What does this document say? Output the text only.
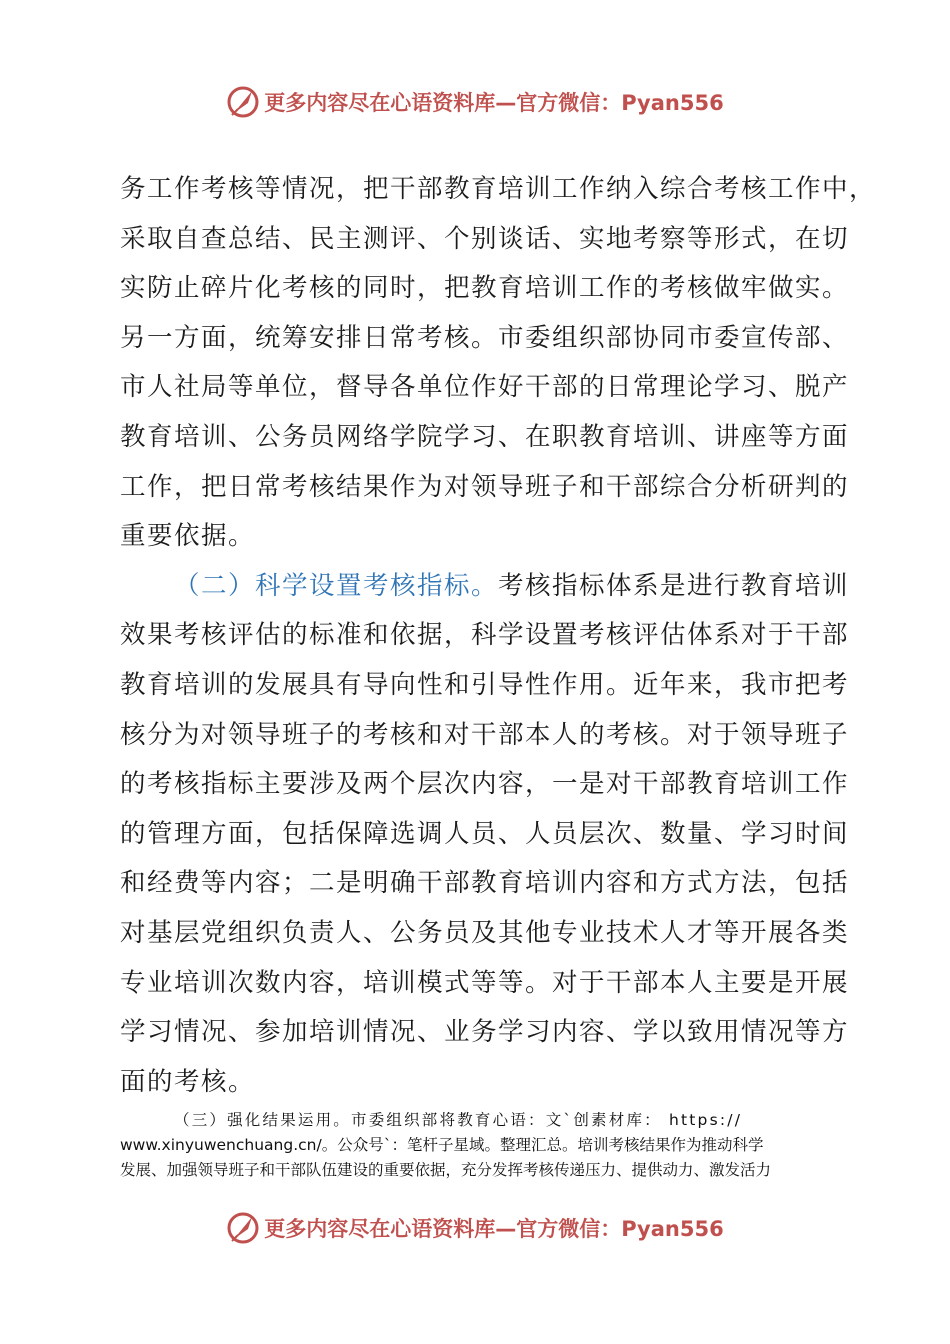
更多内容尽在心语资料库—官方微信：Pyan556
务工作考核等情况，把干部教育培训工作纳入综合考核工作中，
采取自查总结、民主测评、个别谈话、实地考察等形式，在切
实防止碎片化考核的同时，把教育培训工作的考核做牢做实。
另一方面，统筹安排日常考核。市委组织部协同市委宣传部、
市人社局等单位，督导各单位作好干部的日常理论学习、脱产
教育培训、公务员网络学院学习、在职教育培训、讲座等方面
工作，把日常考核结果作为对领导班子和干部综合分析研判的
重要依据。
（二）科学设置考核指标。考核指标体系是进行教育培训
效果考核评估的标准和依据，科学设置考核评估体系对于干部
教育培训的发展具有导向性和引导性作用。近年来，我市把考
核分为对领导班子的考核和对干部本人的考核。对于领导班子
的考核指标主要涉及两个层次内容，一是对干部教育培训工作
的管理方面，包括保障选调人员、人员层次、数量、学习时间
和经费等内容；二是明确干部教育培训内容和方式方法，包括
对基层党组织负责人、公务员及其他专业技术人才等开展各类
专业培训次数内容，培训模式等等。对于干部本人主要是开展
学习情况、参加培训情况、业务学习内容、学以致用情况等方
面的考核。
（三）强化结果运用。市委组织部将教育心语：文`创素材库： https://
www.xinyuwenchuang.cn/。公众号`：笔杆子星域。整理汇总。培训考核结果作为推动科学
发展、加强领导班子和干部队伍建设的重要依据，充分发挥考核传递压力、提供动力、激发活力
更多内容尽在心语资料库—官方微信：Pyan556
